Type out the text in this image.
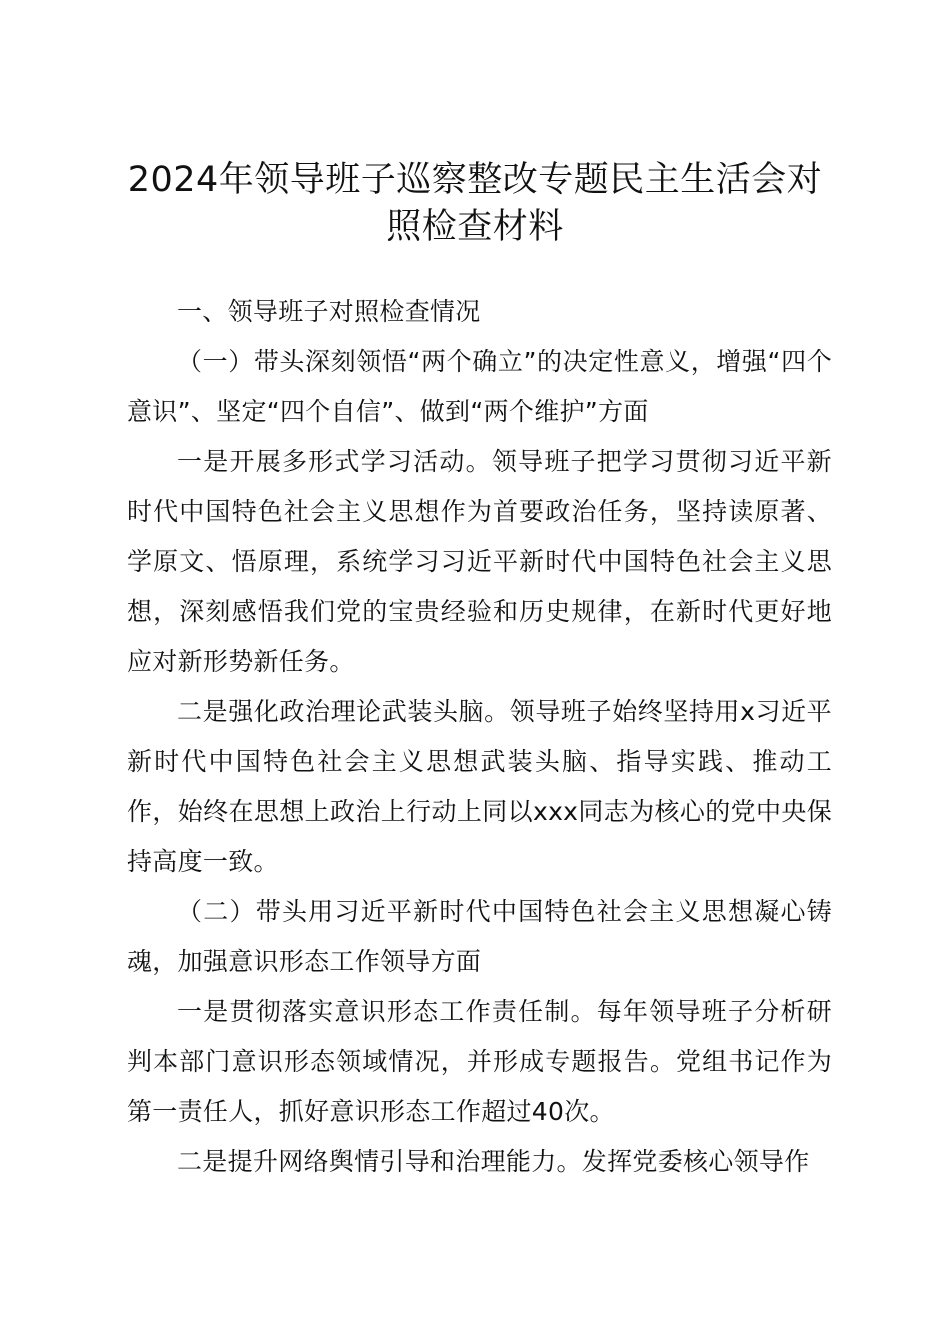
2024年领导班子巡察整改专题民主生活会对照检查材料

一、领导班子对照检查情况

（一）带头深刻领悟“两个确立”的决定性意义，增强“四个意识”、坚定“四个自信”、做到“两个维护”方面

一是开展多形式学习活动。领导班子把学习贯彻习近平新时代中国特色社会主义思想作为首要政治任务，坚持读原著、学原文、悟原理，系统学习习近平新时代中国特色社会主义思想，深刻感悟我们党的宝贵经验和历史规律，在新时代更好地应对新形势新任务。

二是强化政治理论武装头脑。领导班子始终坚持用x习近平新时代中国特色社会主义思想武装头脑、指导实践、推动工作，始终在思想上政治上行动上同以xxx同志为核心的党中央保持高度一致。

（二）带头用习近平新时代中国特色社会主义思想凝心铸魂，加强意识形态工作领导方面

一是贯彻落实意识形态工作责任制。每年领导班子分析研判本部门意识形态领域情况，并形成专题报告。党组书记作为第一责任人，抓好意识形态工作超过40次。

二是提升网络舆情引导和治理能力。发挥党委核心领导作
